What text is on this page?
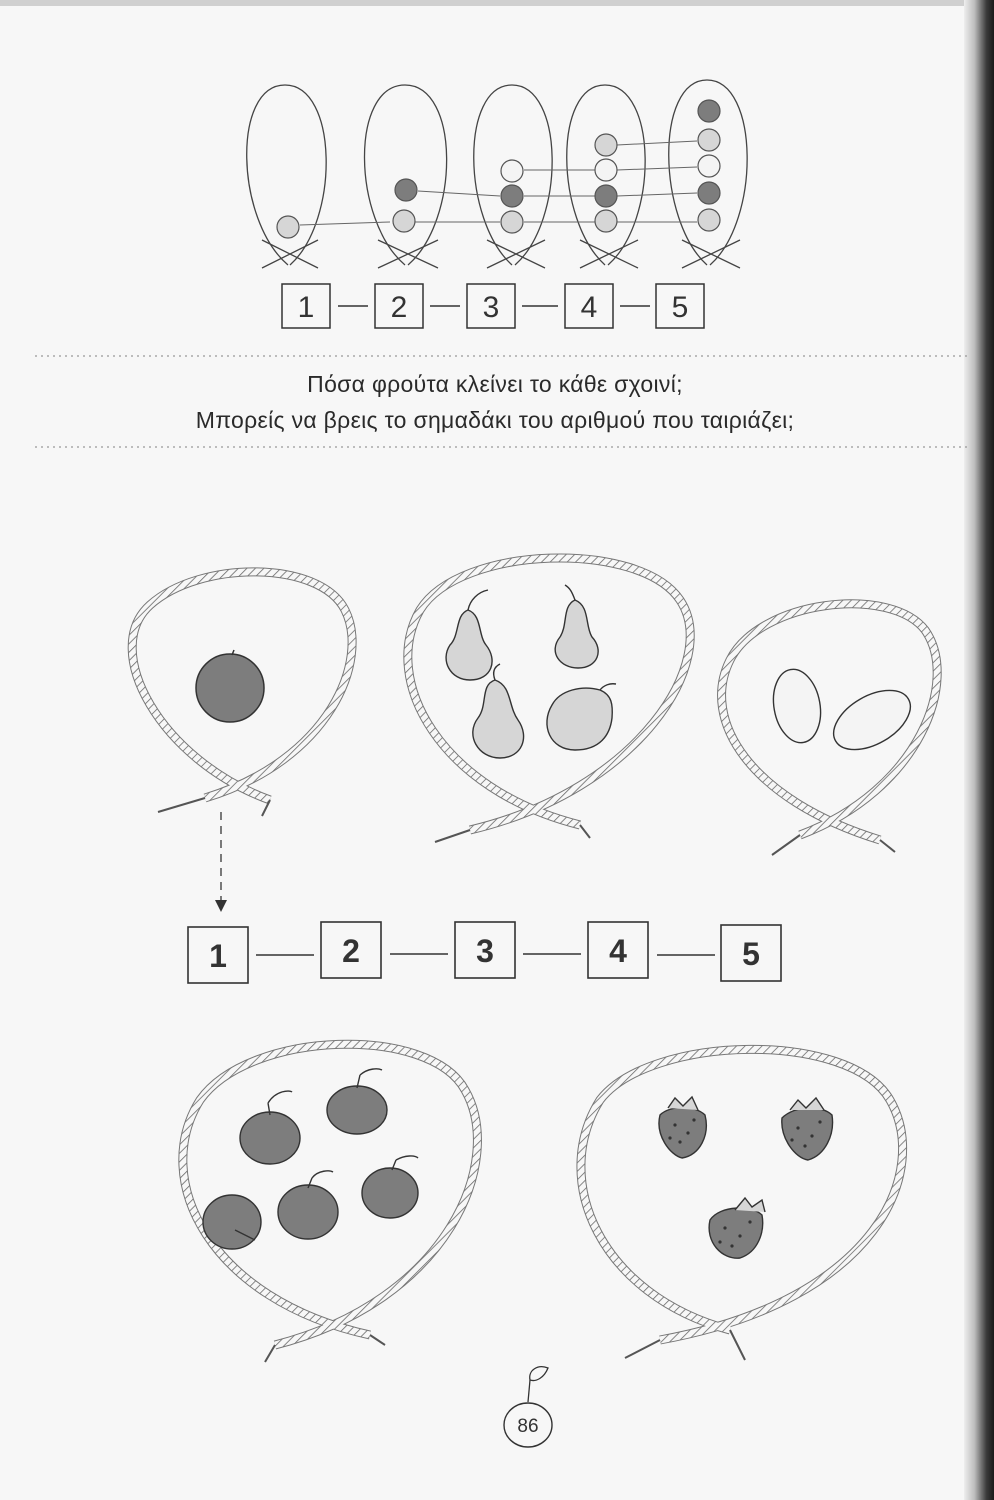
1	2	3	4 5
1	2	3	4	5
86
Πόσα φρούτα κλείνει το κάθε σχοινί;
Μπορείς να βρεις το σημαδάκι του αριθμού που ταιριάζει;
